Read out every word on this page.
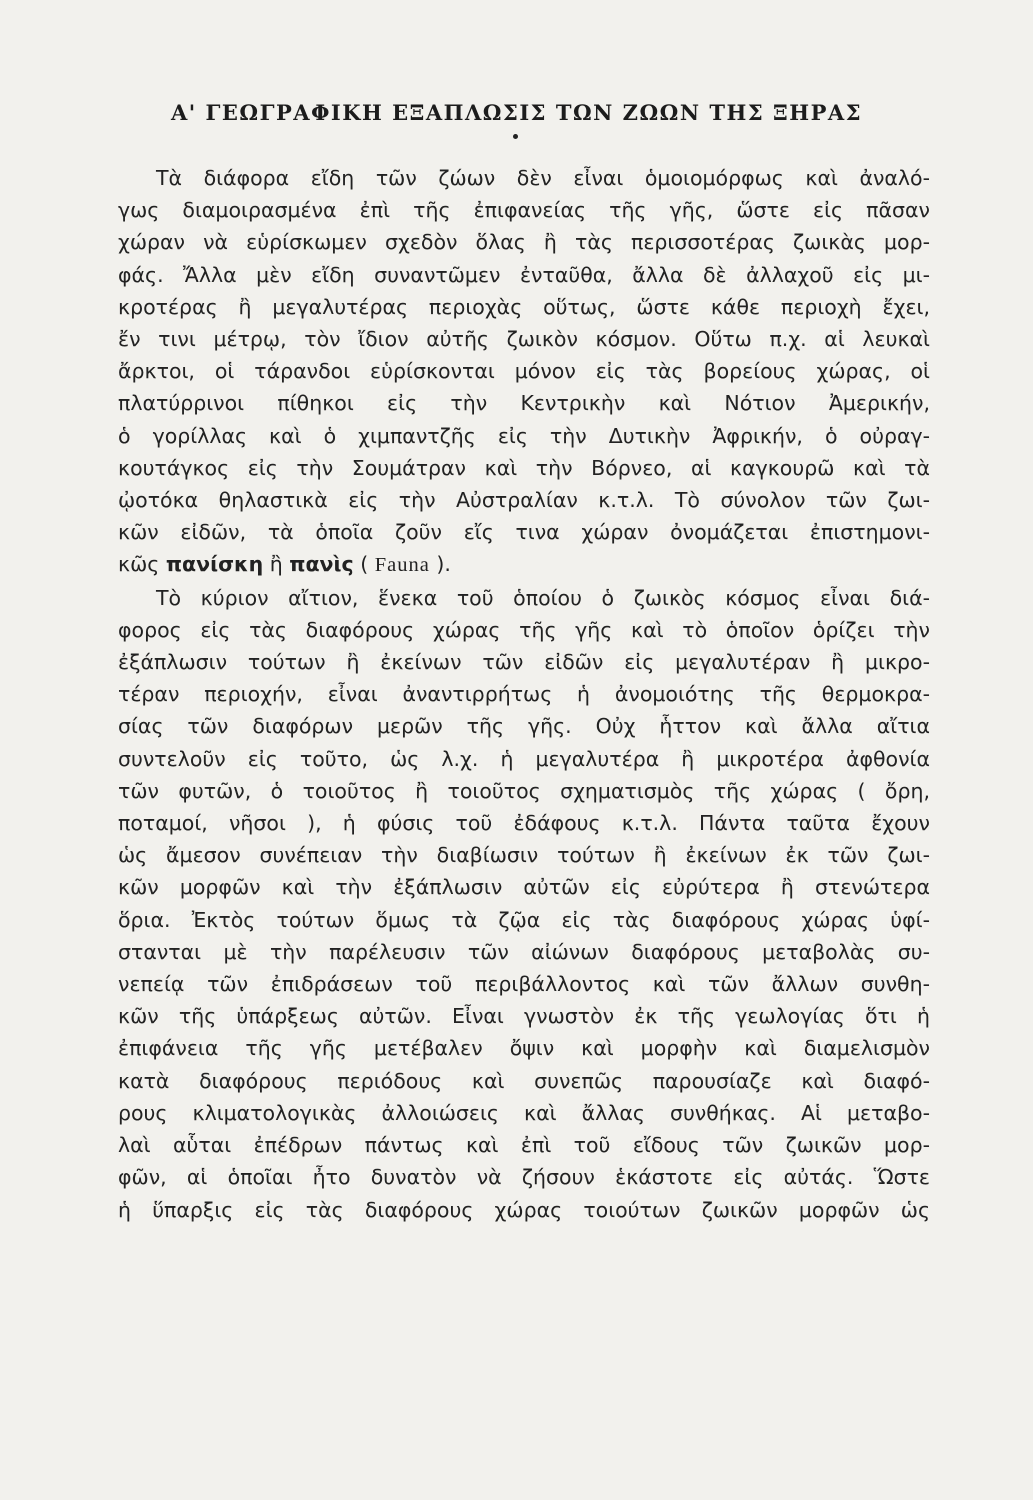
Α' ΓΕΩΓΡΑΦΙΚΗ ΕΞΑΠΛΩΣΙΣ ΤΩΝ ΖΩΩΝ ΤΗΣ ΞΗΡΑΣ
Τὰ διάφορα εἴδη τῶν ζώων δὲν εἶναι ὁμοιομόρφως καὶ ἀναλό-
γως διαμοιρασμένα ἐπὶ τῆς ἐπιφανείας τῆς γῆς, ὥστε εἰς πᾶσαν
χώραν νὰ εὑρίσκωμεν σχεδὸν ὅλας ἢ τὰς περισσοτέρας ζωικὰς μορ-
φάς. Ἄλλα μὲν εἴδη συναντῶμεν ἐνταῦθα, ἄλλα δὲ ἀλλαχοῦ εἰς μι-
κροτέρας ἢ μεγαλυτέρας περιοχὰς οὕτως, ὥστε κάθε περιοχὴ ἔχει,
ἔν τινι μέτρῳ, τὸν ἴδιον αὐτῆς ζωικὸν κόσμον. Οὕτω π.χ. αἱ λευκαὶ
ἄρκτοι, οἱ τάρανδοι εὑρίσκονται μόνον εἰς τὰς βορείους χώρας, οἱ
πλατύρρινοι πίθηκοι εἰς τὴν Κεντρικὴν καὶ Νότιον Ἀμερικήν,
ὁ γορίλλας καὶ ὁ χιμπαντζῆς εἰς τὴν Δυτικὴν Ἀφρικήν, ὁ οὐραγ-
κουτάγκος εἰς τὴν Σουμάτραν καὶ τὴν Βόρνεο, αἱ καγκουρῶ καὶ τὰ
ᾠοτόκα θηλαστικὰ εἰς τὴν Αὐστραλίαν κ.τ.λ. Τὸ σύνολον τῶν ζωι-
κῶν εἰδῶν, τὰ ὁποῖα ζοῦν εἴς τινα χώραν ὀνομάζεται ἐπιστημονι-
κῶς πανίσκη ἢ πανὶς ( Fauna ).
Τὸ κύριον αἴτιον, ἕνεκα τοῦ ὁποίου ὁ ζωικὸς κόσμος εἶναι διά-
φορος εἰς τὰς διαφόρους χώρας τῆς γῆς καὶ τὸ ὁποῖον ὁρίζει τὴν
ἐξάπλωσιν τούτων ἢ ἐκείνων τῶν εἰδῶν εἰς μεγαλυτέραν ἢ μικρο-
τέραν περιοχήν, εἶναι ἀναντιρρήτως ἡ ἀνομοιότης τῆς θερμοκρα-
σίας τῶν διαφόρων μερῶν τῆς γῆς. Οὐχ ἧττον καὶ ἄλλα αἴτια
συντελοῦν εἰς τοῦτο, ὡς λ.χ. ἡ μεγαλυτέρα ἢ μικροτέρα ἀφθονία
τῶν φυτῶν, ὁ τοιοῦτος ἢ τοιοῦτος σχηματισμὸς τῆς χώρας ( ὄρη,
ποταμοί, νῆσοι ), ἡ φύσις τοῦ ἐδάφους κ.τ.λ. Πάντα ταῦτα ἔχουν
ὡς ἄμεσον συνέπειαν τὴν διαβίωσιν τούτων ἢ ἐκείνων ἐκ τῶν ζωι-
κῶν μορφῶν καὶ τὴν ἐξάπλωσιν αὐτῶν εἰς εὐρύτερα ἢ στενώτερα
ὅρια. Ἐκτὸς τούτων ὅμως τὰ ζῷα εἰς τὰς διαφόρους χώρας ὑφί-
στανται μὲ τὴν παρέλευσιν τῶν αἰώνων διαφόρους μεταβολὰς συ-
νεπείᾳ τῶν ἐπιδράσεων τοῦ περιβάλλοντος καὶ τῶν ἄλλων συνθη-
κῶν τῆς ὑπάρξεως αὐτῶν. Εἶναι γνωστὸν ἐκ τῆς γεωλογίας ὅτι ἡ
ἐπιφάνεια τῆς γῆς μετέβαλεν ὄψιν καὶ μορφὴν καὶ διαμελισμὸν
κατὰ διαφόρους περιόδους καὶ συνεπῶς παρουσίαζε καὶ διαφό-
ρους κλιματολογικὰς ἀλλοιώσεις καὶ ἄλλας συνθήκας. Αἱ μεταβο-
λαὶ αὗται ἐπέδρων πάντως καὶ ἐπὶ τοῦ εἴδους τῶν ζωικῶν μορ-
φῶν, αἱ ὁποῖαι ἦτο δυνατὸν νὰ ζήσουν ἑκάστοτε εἰς αὐτάς. Ὥστε
ἡ ὕπαρξις εἰς τὰς διαφόρους χώρας τοιούτων ζωικῶν μορφῶν ὡς
